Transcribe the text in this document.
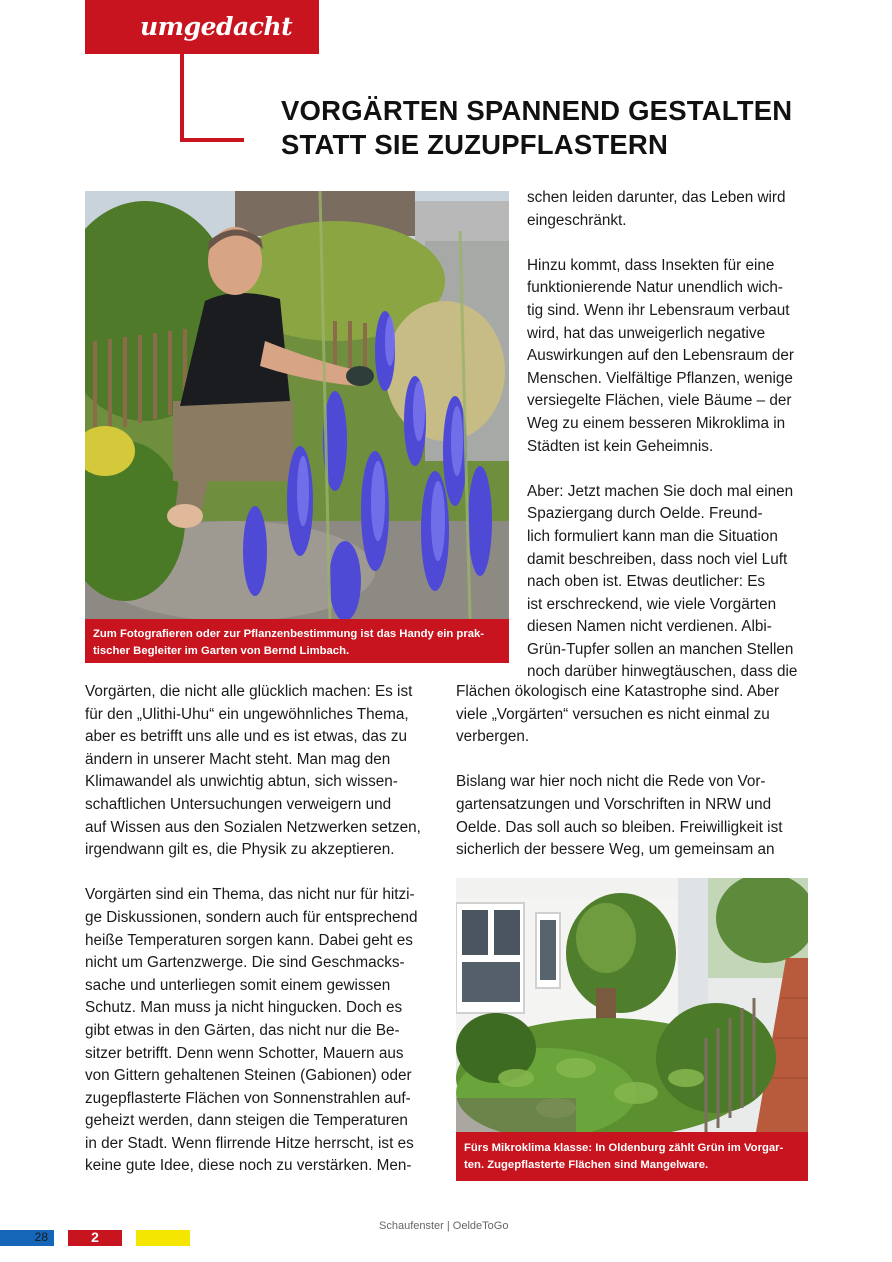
umgedacht
VORGÄRTEN SPANNEND GESTALTEN
STATT SIE ZUZUPFLASTERN
Zum Fotografieren oder zur Pflanzenbestimmung ist das Handy ein prak-
tischer Begleiter im Garten von Bernd Limbach.

schen leiden darunter, das Leben wird
eingeschränkt.

Hinzu kommt, dass Insekten für eine
funktionierende Natur unendlich wich-
tig sind. Wenn ihr Lebensraum verbaut
wird, hat das unweigerlich negative
Auswirkungen auf den Lebensraum der
Menschen. Vielfältige Pflanzen, wenige
versiegelte Flächen, viele Bäume – der
Weg zu einem besseren Mikroklima in
Städten ist kein Geheimnis.

Aber: Jetzt machen Sie doch mal einen
Spaziergang durch Oelde. Freund-
lich formuliert kann man die Situation
damit beschreiben, dass noch viel Luft
nach oben ist. Etwas deutlicher: Es
ist erschreckend, wie viele Vorgärten
diesen Namen nicht verdienen. Albi-
Grün-Tupfer sollen an manchen Stellen
noch darüber hinwegtäuschen, dass die

Flächen ökologisch eine Katastrophe sind. Aber
viele „Vorgärten“ versuchen es nicht einmal zu
verbergen.

Bislang war hier noch nicht die Rede von Vor-
gartensatzungen und Vorschriften in NRW und
Oelde. Das soll auch so bleiben. Freiwilligkeit ist
sicherlich der bessere Weg, um gemeinsam an

Vorgärten, die nicht alle glücklich machen: Es ist
für den „Ulithi-Uhu“ ein ungewöhnliches Thema,
aber es betrifft uns alle und es ist etwas, das zu
ändern in unserer Macht steht. Man mag den
Klimawandel als unwichtig abtun, sich wissen-
schaftlichen Untersuchungen verweigern und
auf Wissen aus den Sozialen Netzwerken setzen,
irgendwann gilt es, die Physik zu akzeptieren.

Vorgärten sind ein Thema, das nicht nur für hitzi-
ge Diskussionen, sondern auch für entsprechend
heiße Temperaturen sorgen kann. Dabei geht es
nicht um Gartenzwerge. Die sind Geschmacks-
sache und unterliegen somit einem gewissen
Schutz. Man muss ja nicht hingucken. Doch es
gibt etwas in den Gärten, das nicht nur die Be-
sitzer betrifft. Denn wenn Schotter, Mauern aus
von Gittern gehaltenen Steinen (Gabionen) oder
zugepflasterte Flächen von Sonnenstrahlen auf-
geheizt werden, dann steigen die Temperaturen
in der Stadt. Wenn flirrende Hitze herrscht, ist es
keine gute Idee, diese noch zu verstärken. Men-

Fürs Mikroklima klasse: In Oldenburg zählt Grün im Vorgar-
ten. Zugepflasterte Flächen sind Mangelware.
28	2
Schaufenster | OeldeToGo
